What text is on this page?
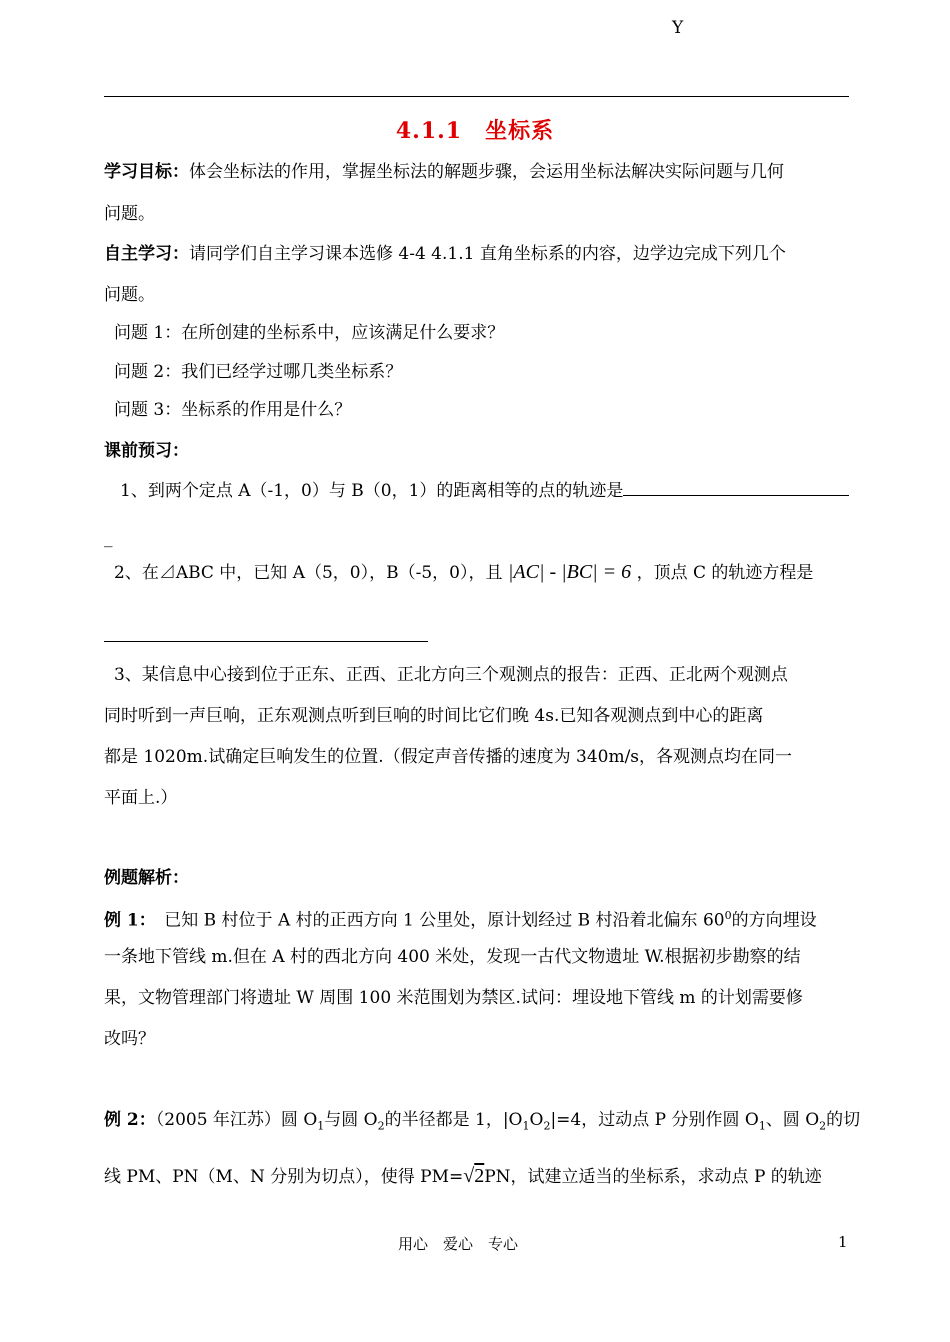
Y
4.1.1　坐标系
学习目标：体会坐标法的作用，掌握坐标法的解题步骤，会运用坐标法解决实际问题与几何
问题。
自主学习：请同学们自主学习课本选修 4-4 4.1.1 直角坐标系的内容，边学边完成下列几个
问题。
问题 1：在所创建的坐标系中，应该满足什么要求？
问题 2：我们已经学过哪几类坐标系？
问题 3：坐标系的作用是什么？
课前预习：
1、到两个定点 A（-1，0）与 B（0，1）的距离相等的点的轨迹是
_
2、在⊿ABC 中，已知 A（5，0），B（-5，0），且 |AC| - |BC| = 6 ，顶点 C 的轨迹方程是
3、某信息中心接到位于正东、正西、正北方向三个观测点的报告：正西、正北两个观测点
同时听到一声巨响，正东观测点听到巨响的时间比它们晚 4s.已知各观测点到中心的距离
都是 1020m.试确定巨响发生的位置.（假定声音传播的速度为 340m/s，各观测点均在同一
平面上.）
例题解析：
例 1：　 已知 B 村位于 A 村的正西方向 1 公里处，原计划经过 B 村沿着北偏东 $60^0$的方向埋设
一条地下管线 m.但在 A 村的西北方向 400 米处，发现一古代文物遗址 W.根据初步勘察的结
果，文物管理部门将遗址 W 周围 100 米范围划为禁区.试问：埋设地下管线 m 的计划需要修
改吗？
例 2：（2005 年江苏）圆 $O_1$与圆 $O_2$的半径都是 1，$|O_1O_2|=4$，过动点 P 分别作圆 $O_1$、圆 $O_2$的切
线 PM、PN（M、N 分别为切点），使得 PM=√2PN，试建立适当的坐标系，求动点 P 的轨迹
用心　爱心　专心	1
